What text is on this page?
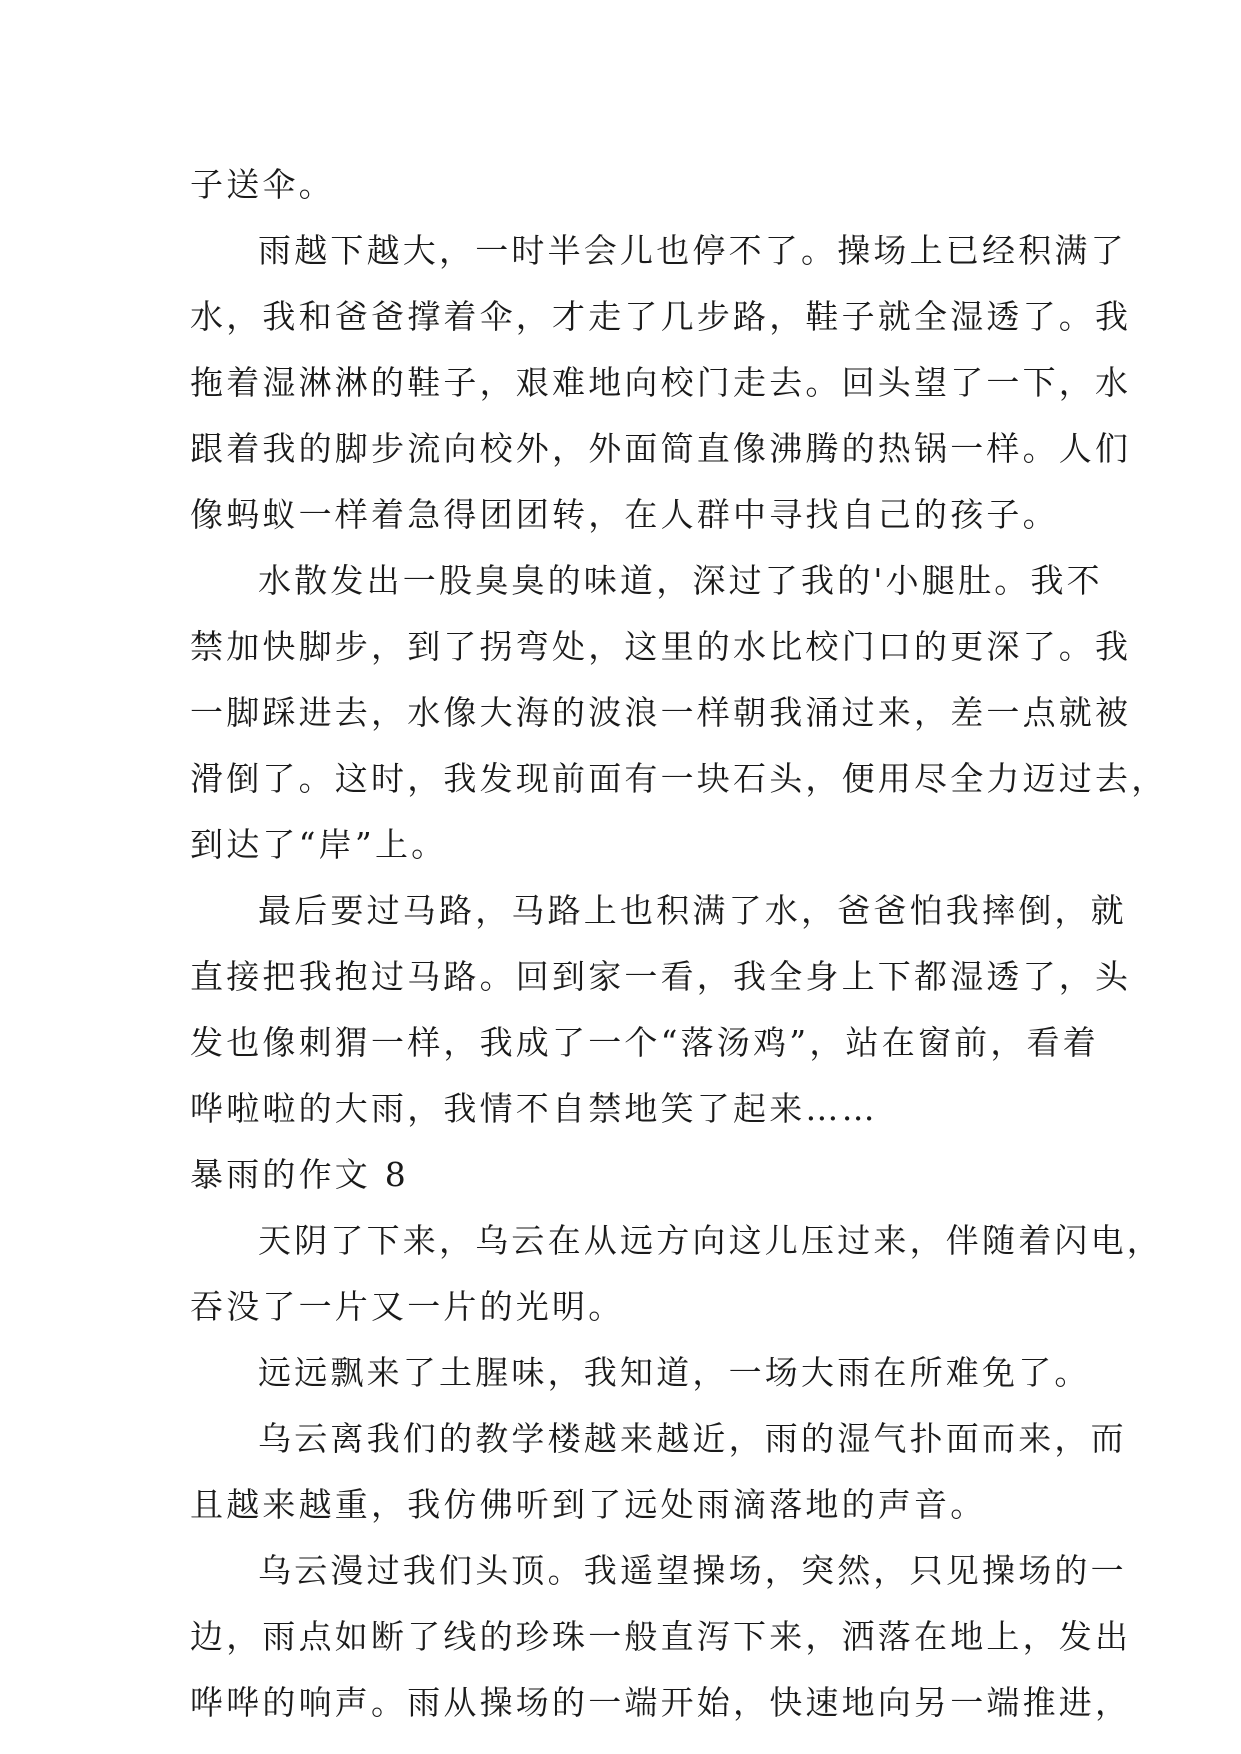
子送伞。

雨越下越大，一时半会儿也停不了。操场上已经积满了
水，我和爸爸撑着伞，才走了几步路，鞋子就全湿透了。我
拖着湿淋淋的鞋子，艰难地向校门走去。回头望了一下，水
跟着我的脚步流向校外，外面简直像沸腾的热锅一样。人们
像蚂蚁一样着急得团团转，在人群中寻找自己的孩子。

水散发出一股臭臭的味道，深过了我的'小腿肚。我不
禁加快脚步，到了拐弯处，这里的水比校门口的更深了。我
一脚踩进去，水像大海的波浪一样朝我涌过来，差一点就被
滑倒了。这时，我发现前面有一块石头，便用尽全力迈过去，
到达了“岸”上。

最后要过马路，马路上也积满了水，爸爸怕我摔倒，就
直接把我抱过马路。回到家一看，我全身上下都湿透了，头
发也像刺猬一样，我成了一个“落汤鸡”，站在窗前，看着
哗啦啦的大雨，我情不自禁地笑了起来……

暴雨的作文 8

天阴了下来，乌云在从远方向这儿压过来，伴随着闪电，
吞没了一片又一片的光明。

远远飘来了土腥味，我知道，一场大雨在所难免了。

乌云离我们的教学楼越来越近，雨的湿气扑面而来，而
且越来越重，我仿佛听到了远处雨滴落地的声音。

乌云漫过我们头顶。我遥望操场，突然，只见操场的一
边，雨点如断了线的珍珠一般直泻下来，洒落在地上，发出
哗哗的响声。雨从操场的一端开始，快速地向另一端推进，
